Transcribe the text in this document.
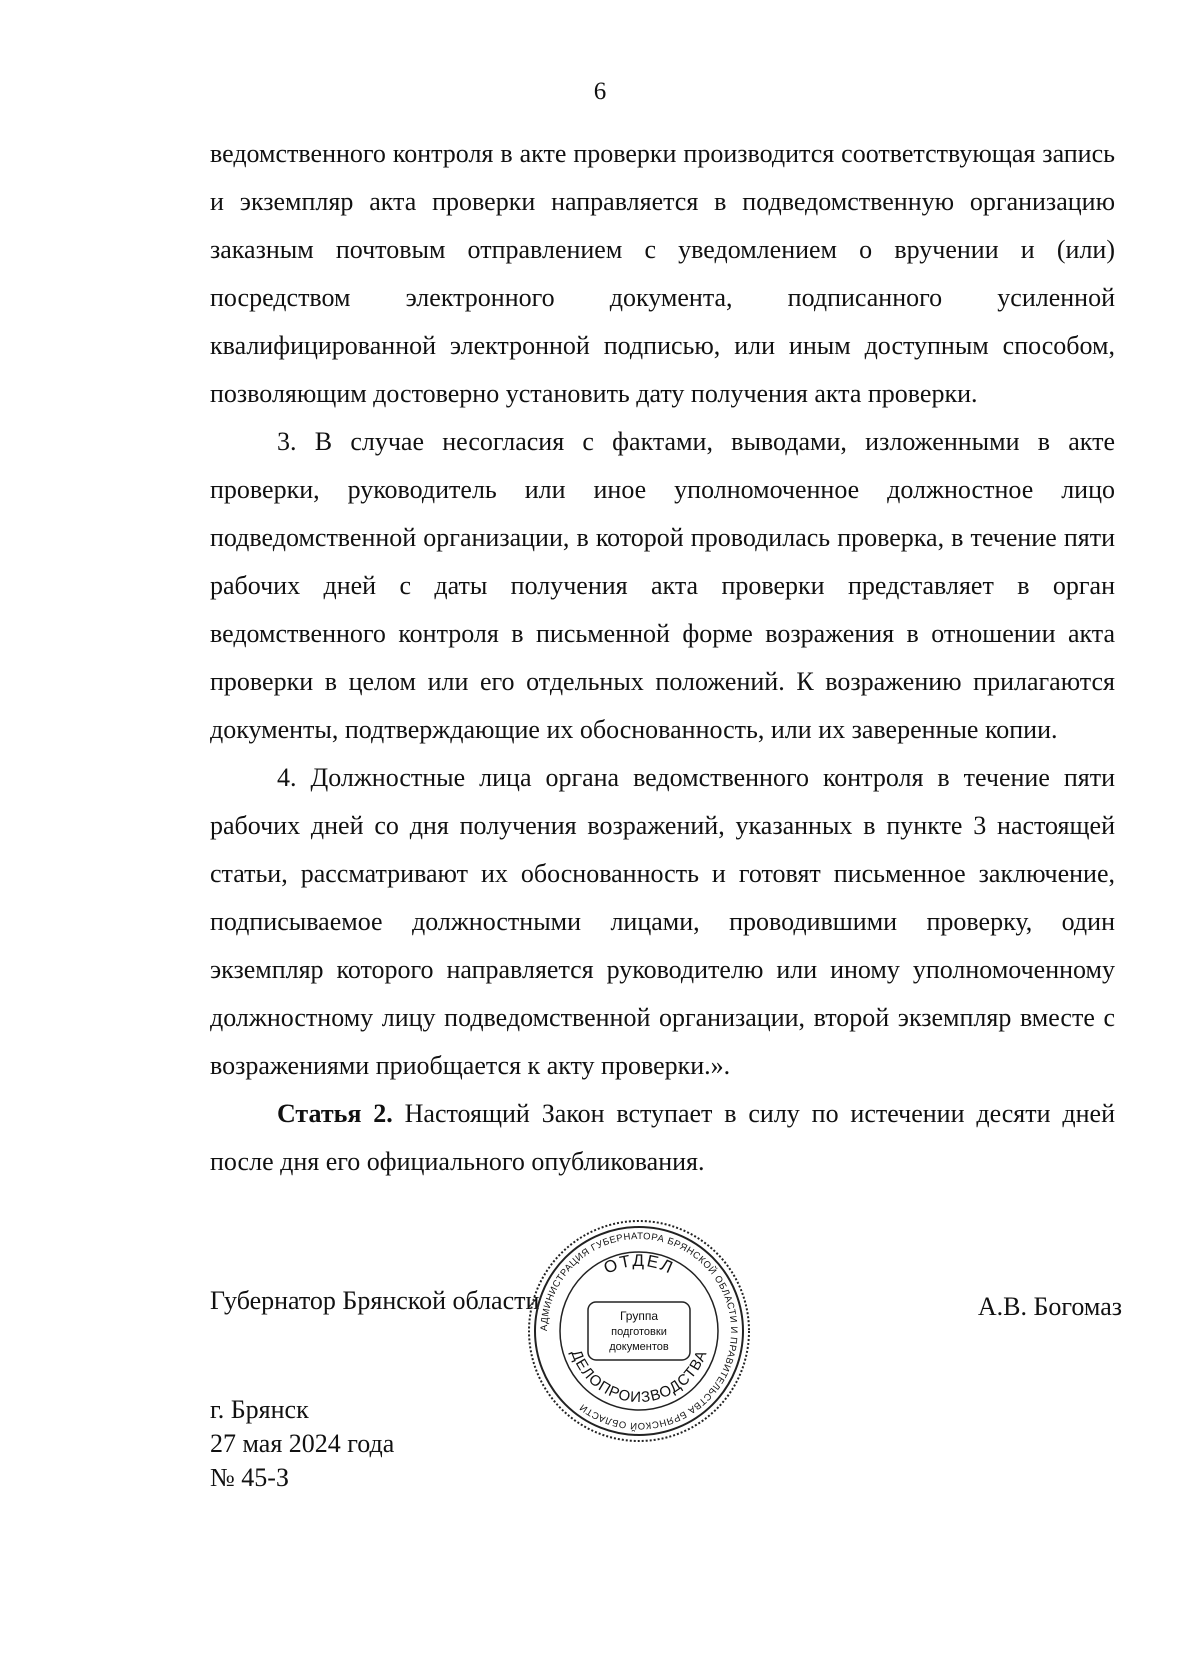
6

ведомственного контроля в акте проверки производится соответствующая запись и экземпляр акта проверки направляется в подведомственную организацию заказным почтовым отправлением с уведомлением о вручении и (или) посредством электронного документа, подписанного усиленной квалифицированной электронной подписью, или иным доступным способом, позволяющим достоверно установить дату получения акта проверки.

3. В случае несогласия с фактами, выводами, изложенными в акте проверки, руководитель или иное уполномоченное должностное лицо подведомственной организации, в которой проводилась проверка, в течение пяти рабочих дней с даты получения акта проверки представляет в орган ведомственного контроля в письменной форме возражения в отношении акта проверки в целом или его отдельных положений. К возражению прилагаются документы, подтверждающие их обоснованность, или их заверенные копии.

4. Должностные лица органа ведомственного контроля в течение пяти рабочих дней со дня получения возражений, указанных в пункте 3 настоящей статьи, рассматривают их обоснованность и готовят письменное заключение, подписываемое должностными лицами, проводившими проверку, один экземпляр которого направляется руководителю или иному уполномоченному должностному лицу подведомственной организации, второй экземпляр вместе с возражениями приобщается к акту проверки.».

Статья 2. Настоящий Закон вступает в силу по истечении десяти дней после дня его официального опубликования.

Губернатор Брянской области
АДМИНИСТРАЦИЯ ГУБЕРНАТОРА БРЯНСКОЙ ОБЛАСТИ И ПРАВИТЕЛЬСТВА БРЯНСКОЙ ОБЛАСТИ
ОТДЕЛ
ДЕЛОПРОИЗВОДСТВА
Группа
подготовки
документов
А.В. Богомаз
г. Брянск
27 мая 2024 года
№ 45-З
